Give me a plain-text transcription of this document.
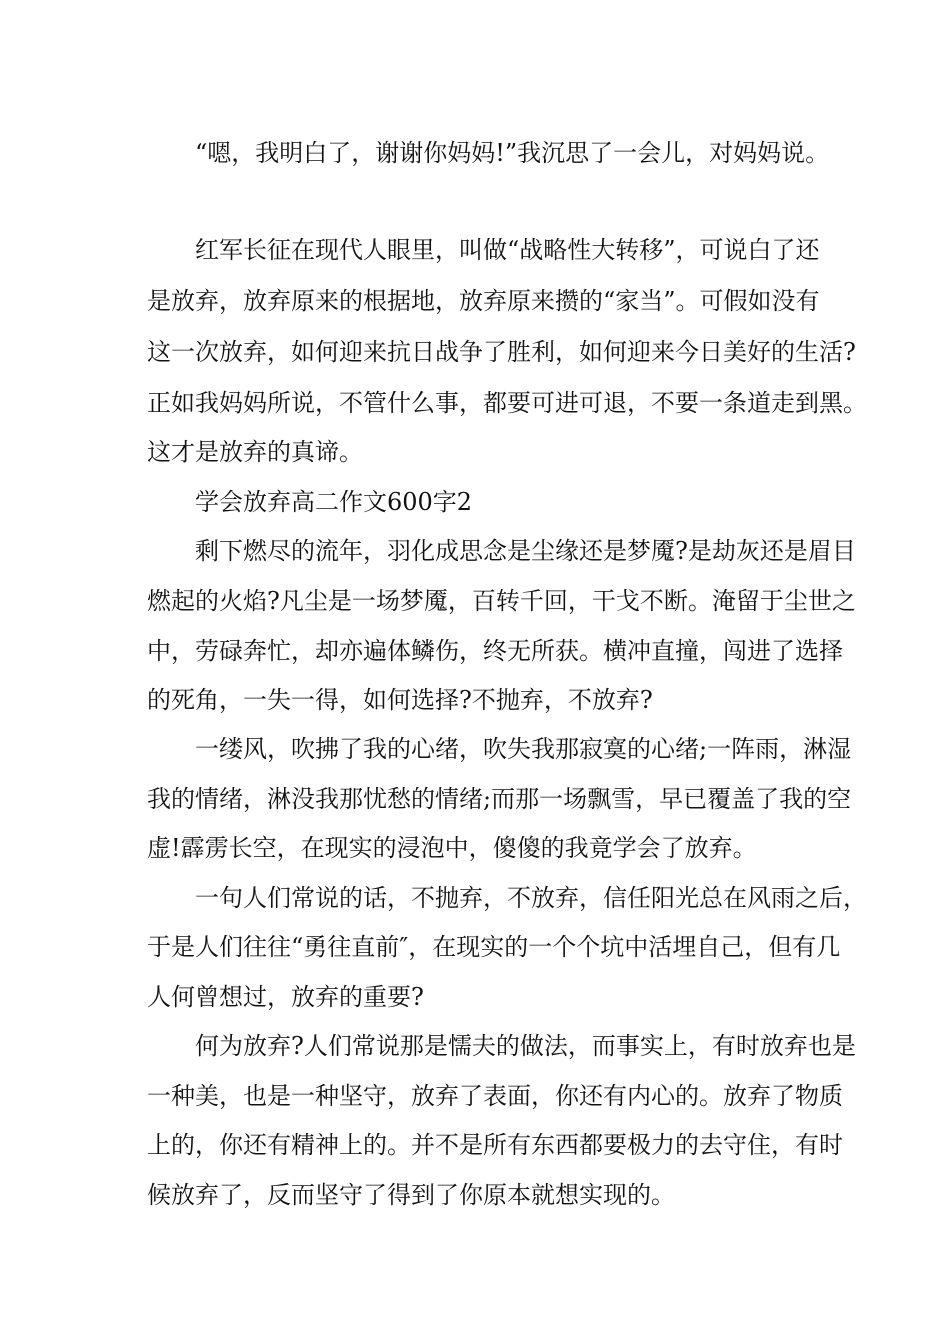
“嗯，我明白了，谢谢你妈妈!”我沉思了一会儿，对妈妈说。
红军长征在现代人眼里，叫做“战略性大转移”，可说白了还
是放弃，放弃原来的根据地，放弃原来攒的“家当”。可假如没有
这一次放弃，如何迎来抗日战争了胜利，如何迎来今日美好的生活?
正如我妈妈所说，不管什么事，都要可进可退，不要一条道走到黑。
这才是放弃的真谛。
学会放弃高二作文600字2
剩下燃尽的流年，羽化成思念是尘缘还是梦魇?是劫灰还是眉目
燃起的火焰?凡尘是一场梦魇，百转千回，干戈不断。淹留于尘世之
中，劳碌奔忙，却亦遍体鳞伤，终无所获。横冲直撞，闯进了选择
的死角，一失一得，如何选择?不抛弃，不放弃?
一缕风，吹拂了我的心绪，吹失我那寂寞的心绪;一阵雨，淋湿
我的情绪，淋没我那忧愁的情绪;而那一场飘雪，早已覆盖了我的空
虚!霹雳长空，在现实的浸泡中，傻傻的我竟学会了放弃。
一句人们常说的话，不抛弃，不放弃，信任阳光总在风雨之后，
于是人们往往“勇往直前″，在现实的一个个坑中活埋自己，但有几
人何曾想过，放弃的重要?
何为放弃?人们常说那是懦夫的做法，而事实上，有时放弃也是
一种美，也是一种坚守，放弃了表面，你还有内心的。放弃了物质
上的，你还有精神上的。并不是所有东西都要极力的去守住，有时
候放弃了，反而坚守了得到了你原本就想实现的。
